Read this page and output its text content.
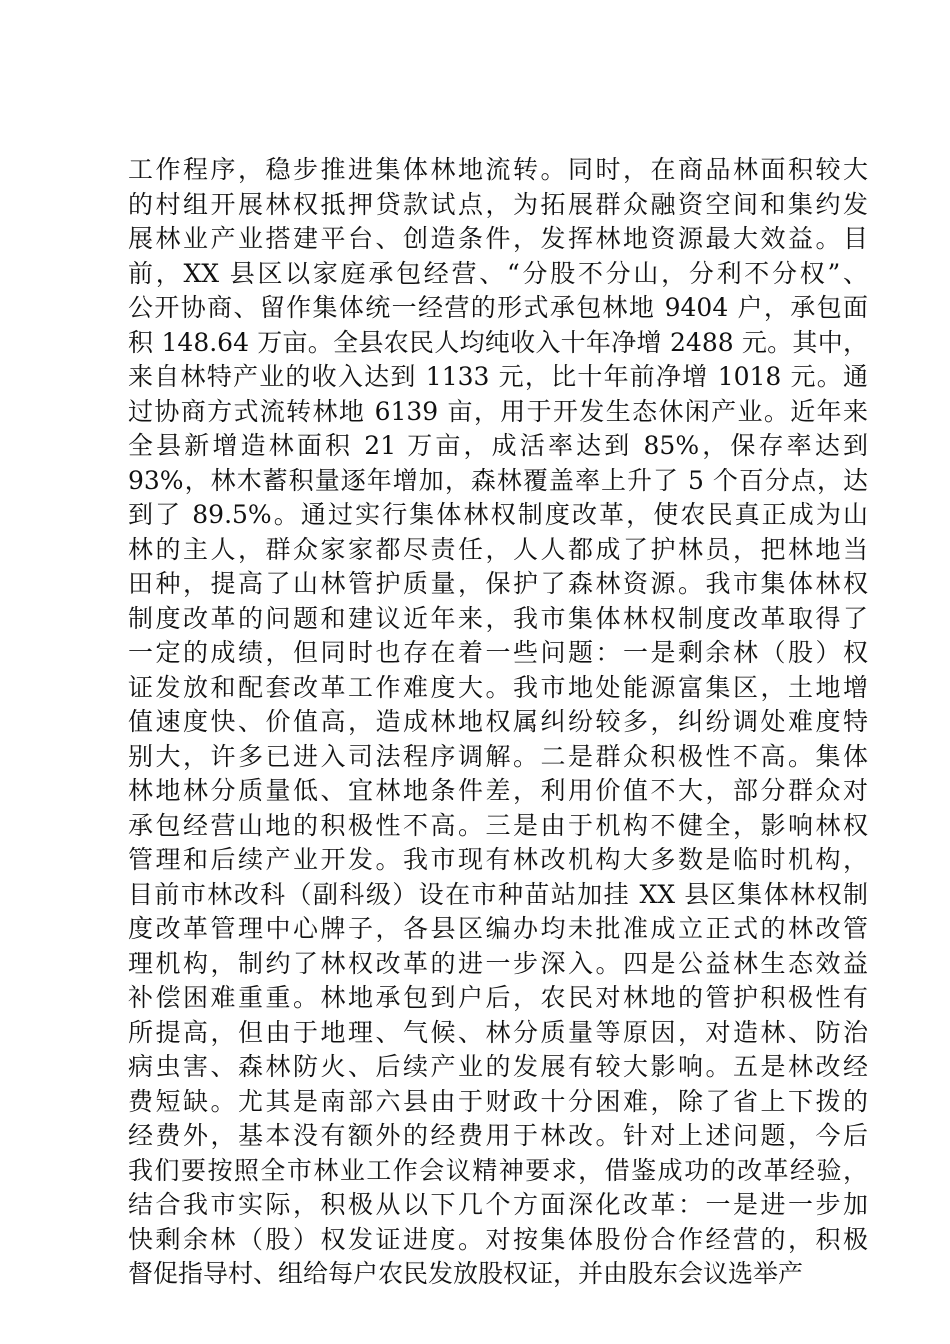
工作程序，稳步推进集体林地流转。同时，在商品林面积较大
的村组开展林权抵押贷款试点，为拓展群众融资空间和集约发
展林业产业搭建平台、创造条件，发挥林地资源最大效益。目
前，XX 县区以家庭承包经营、“分股不分山，分利不分权”、
公开协商、留作集体统一经营的形式承包林地 9404 户，承包面
积 148.64 万亩。全县农民人均纯收入十年净增 2488 元。其中，
来自林特产业的收入达到 1133 元，比十年前净增 1018 元。通
过协商方式流转林地 6139 亩，用于开发生态休闲产业。近年来
全县新增造林面积 21 万亩，成活率达到 85%，保存率达到
93%，林木蓄积量逐年增加，森林覆盖率上升了 5 个百分点，达
到了 89.5%。通过实行集体林权制度改革，使农民真正成为山
林的主人，群众家家都尽责任，人人都成了护林员，把林地当
田种，提高了山林管护质量，保护了森林资源。我市集体林权
制度改革的问题和建议近年来，我市集体林权制度改革取得了
一定的成绩，但同时也存在着一些问题：一是剩余林（股）权
证发放和配套改革工作难度大。我市地处能源富集区，土地增
值速度快、价值高，造成林地权属纠纷较多，纠纷调处难度特
别大，许多已进入司法程序调解。二是群众积极性不高。集体
林地林分质量低、宜林地条件差，利用价值不大，部分群众对
承包经营山地的积极性不高。三是由于机构不健全，影响林权
管理和后续产业开发。我市现有林改机构大多数是临时机构，
目前市林改科（副科级）设在市种苗站加挂 XX 县区集体林权制
度改革管理中心牌子，各县区编办均未批准成立正式的林改管
理机构，制约了林权改革的进一步深入。四是公益林生态效益
补偿困难重重。林地承包到户后，农民对林地的管护积极性有
所提高，但由于地理、气候、林分质量等原因，对造林、防治
病虫害、森林防火、后续产业的发展有较大影响。五是林改经
费短缺。尤其是南部六县由于财政十分困难，除了省上下拨的
经费外，基本没有额外的经费用于林改。针对上述问题，今后
我们要按照全市林业工作会议精神要求，借鉴成功的改革经验，
结合我市实际，积极从以下几个方面深化改革：一是进一步加
快剩余林（股）权发证进度。对按集体股份合作经营的，积极
督促指导村、组给每户农民发放股权证，并由股东会议选举产
